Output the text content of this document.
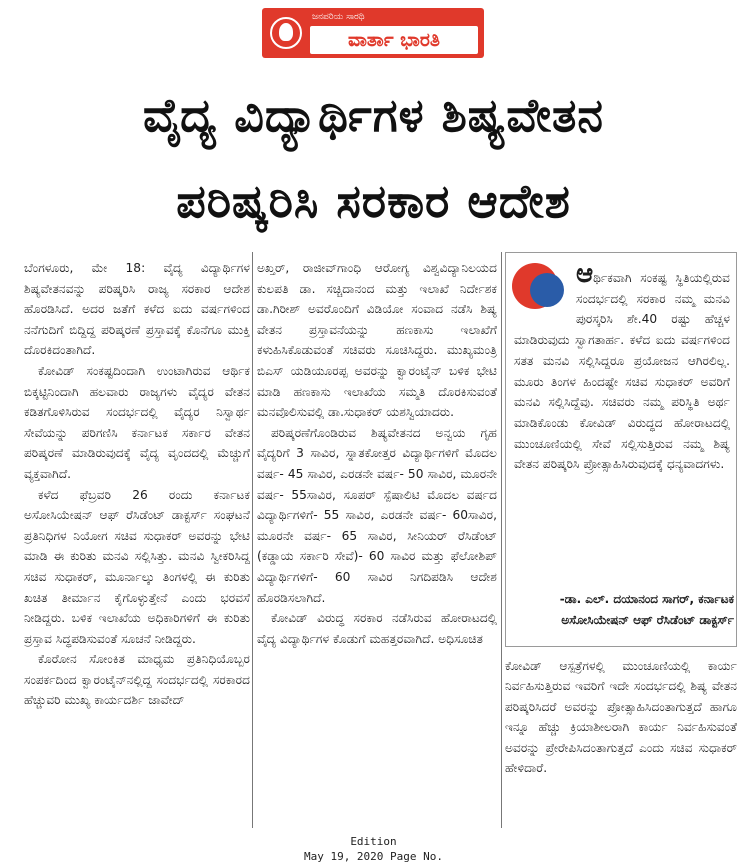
ಜನಪರಿಯ ಸಾರಥಿ
ವಾರ್ತಾ ಭಾರತಿ
ವೈದ್ಯ ವಿದ್ಯಾರ್ಥಿಗಳ ಶಿಷ್ಯವೇತನ
ಪರಿಷ್ಕರಿಸಿ ಸರಕಾರ ಆದೇಶ

ಬೆಂಗಳೂರು, ಮೇ 18: ವೈದ್ಯ ವಿದ್ಯಾರ್ಥಿಗಳ ಶಿಷ್ಯವೇತನವನ್ನು ಪರಿಷ್ಕರಿಸಿ ರಾಜ್ಯ ಸರಕಾರ ಆದೇಶ ಹೊರಡಿಸಿದೆ. ಅದರ ಜತೆಗೆ ಕಳೆದ ಐದು ವರ್ಷಗಳಿಂದ ನನೆಗುದಿಗೆ ಬಿದ್ದಿದ್ದ ಪರಿಷ್ಕರಣೆ ಪ್ರಸ್ತಾವಕ್ಕೆ ಕೊನೆಗೂ ಮುಕ್ತಿ ದೊರಕಿದಂತಾಗಿದೆ.

ಕೋವಿಡ್ ಸಂಕಷ್ಟದಿಂದಾಗಿ ಉಂಟಾಗಿರುವ ಆರ್ಥಿಕ ಬಿಕ್ಕಟ್ಟಿನಿಂದಾಗಿ ಹಲವಾರು ರಾಜ್ಯಗಳು ವೈದ್ಯರ ವೇತನ ಕಡಿತಗೊಳಿಸಿರುವ ಸಂದರ್ಭದಲ್ಲಿ ವೈದ್ಯರ ನಿಸ್ವಾರ್ಥ ಸೇವೆಯನ್ನು ಪರಿಗಣಿಸಿ ಕರ್ನಾಟಕ ಸರ್ಕಾರ ವೇತನ ಪರಿಷ್ಕರಣೆ ಮಾಡಿರುವುದಕ್ಕೆ ವೈದ್ಯ ವೃಂದದಲ್ಲಿ ಮೆಚ್ಚುಗೆ ವ್ಯಕ್ತವಾಗಿದೆ.

ಕಳೆದ ಫೆಬ್ರವರಿ 26 ರಂದು ಕರ್ನಾಟಕ ಅಸೋಸಿಯೇಷನ್ ಆಫ್ ರೆಸಿಡೆಂಟ್ ಡಾಕ್ಟರ್ಸ್ ಸಂಘಟನೆ ಪ್ರತಿನಿಧಿಗಳ ನಿಯೋಗ ಸಚಿವ ಸುಧಾಕರ್ ಅವರನ್ನು ಭೇಟಿ ಮಾಡಿ ಈ ಕುರಿತು ಮನವಿ ಸಲ್ಲಿಸಿತ್ತು. ಮನವಿ ಸ್ವೀಕರಿಸಿದ್ದ ಸಚಿವ ಸುಧಾಕರ್, ಮೂರ್ನಾಲ್ಕು ತಿಂಗಳಲ್ಲಿ ಈ ಕುರಿತು ಖಚಿತ ತೀರ್ಮಾನ ಕೈಗೊಳ್ಳುತ್ತೇನೆ ಎಂದು ಭರವಸೆ ನೀಡಿದ್ದರು. ಬಳಿಕ ಇಲಾಖೆಯ ಅಧಿಕಾರಿಗಳಿಗೆ ಈ ಕುರಿತು ಪ್ರಸ್ತಾವ ಸಿದ್ಧಪಡಿಸುವಂತೆ ಸೂಚನೆ ನೀಡಿದ್ದರು.

ಕೊರೋನ ಸೋಂಕಿತ ಮಾಧ್ಯಮ ಪ್ರತಿನಿಧಿಯೊಬ್ಬರ ಸಂಪರ್ಕದಿಂದ ಕ್ವಾರಂಟೈನ್‌ನಲ್ಲಿದ್ದ ಸಂದರ್ಭದಲ್ಲಿ ಸರಕಾರದ ಹೆಚ್ಚುವರಿ ಮುಖ್ಯ ಕಾರ್ಯದರ್ಶಿ ಜಾವೇದ್

ಅಖ್ತರ್, ರಾಜೀವ್‌ಗಾಂಧಿ ಆರೋಗ್ಯ ವಿಶ್ವವಿದ್ಯಾನಿಲಯದ ಕುಲಪತಿ ಡಾ. ಸಚ್ಚಿದಾನಂದ ಮತ್ತು ಇಲಾಖೆ ನಿರ್ದೇಶಕ ಡಾ.ಗಿರೀಶ್ ಅವರೊಂದಿಗೆ ವಿಡಿಯೋ ಸಂವಾದ ನಡೆಸಿ ಶಿಷ್ಯ ವೇತನ ಪ್ರಸ್ತಾವನೆಯನ್ನು ಹಣಕಾಸು ಇಲಾಖೆಗೆ ಕಳುಹಿಸಿಕೊಡುವಂತೆ ಸಚಿವರು ಸೂಚಿಸಿದ್ದರು. ಮುಖ್ಯಮಂತ್ರಿ ಬಿಎಸ್ ಯಡಿಯೂರಪ್ಪ ಅವರನ್ನು ಕ್ವಾರಂಟೈನ್ ಬಳಿಕ ಭೇಟಿ ಮಾಡಿ ಹಣಕಾಸು ಇಲಾಖೆಯ ಸಮ್ಮತಿ ದೊರಕಿಸುವಂತೆ ಮನವೊಲಿಸುವಲ್ಲಿ ಡಾ.ಸುಧಾಕರ್ ಯಶಸ್ವಿಯಾದರು.

ಪರಿಷ್ಕರಣೆಗೊಂಡಿರುವ ಶಿಷ್ಯವೇತನದ ಅನ್ವಯ ಗೃಹ ವೈದ್ಯರಿಗೆ 3 ಸಾವಿರ, ಸ್ನಾತಕೋತ್ತರ ವಿದ್ಯಾರ್ಥಿಗಳಿಗೆ ಮೊದಲ ವರ್ಷ- 45 ಸಾವಿರ, ಎರಡನೇ ವರ್ಷ- 50 ಸಾವಿರ, ಮೂರನೇ ವರ್ಷ- 55ಸಾವಿರ, ಸೂಪರ್ ಸ್ಪೆಷಾಲಿಟಿ ಮೊದಲ ವರ್ಷದ ವಿದ್ಯಾರ್ಥಿಗಳಿಗೆ- 55 ಸಾವಿರ, ಎರಡನೇ ವರ್ಷ- 60ಸಾವಿರ, ಮೂರನೇ ವರ್ಷ- 65 ಸಾವಿರ, ಸೀನಿಯರ್ ರೆಸಿಡೆಂಟ್ (ಕಡ್ಡಾಯ ಸರ್ಕಾರಿ ಸೇವೆ)- 60 ಸಾವಿರ ಮತ್ತು ಫೆಲೋಶಿಪ್ ವಿದ್ಯಾರ್ಥಿಗಳಿಗೆ- 60 ಸಾವಿರ ನಿಗದಿಪಡಿಸಿ ಆದೇಶ ಹೊರಡಿಸಲಾಗಿದೆ.

ಕೋವಿಡ್ ವಿರುದ್ಧ ಸರಕಾರ ನಡೆಸಿರುವ ಹೋರಾಟದಲ್ಲಿ ವೈದ್ಯ ವಿದ್ಯಾರ್ಥಿಗಳ ಕೊಡುಗೆ ಮಹತ್ತರವಾಗಿದೆ. ಅಧಿಸೂಚಿತ

ಆರ್ಥಿಕವಾಗಿ ಸಂಕಷ್ಟ ಸ್ಥಿತಿಯಲ್ಲಿರುವ ಸಂದರ್ಭದಲ್ಲಿ ಸರಕಾರ ನಮ್ಮ ಮನವಿ ಪುರಸ್ಕರಿಸಿ ಶೇ.40 ರಷ್ಟು ಹೆಚ್ಚಳ ಮಾಡಿರುವುದು ಸ್ವಾಗತಾರ್ಹ. ಕಳೆದ ಐದು ವರ್ಷಗಳಿಂದ ಸತತ ಮನವಿ ಸಲ್ಲಿಸಿದ್ದರೂ ಪ್ರಯೋಜನ ಆಗಿರಲಿಲ್ಲ. ಮೂರು ತಿಂಗಳ ಹಿಂದಷ್ಟೇ ಸಚಿವ ಸುಧಾಕರ್ ಅವರಿಗೆ ಮನವಿ ಸಲ್ಲಿಸಿದ್ದೆವು. ಸಚಿವರು ನಮ್ಮ ಪರಿಸ್ಥಿತಿ ಅರ್ಥ ಮಾಡಿಕೊಂಡು ಕೋವಿಡ್ ವಿರುದ್ಧದ ಹೋರಾಟದಲ್ಲಿ ಮುಂಚೂಣಿಯಲ್ಲಿ ಸೇವೆ ಸಲ್ಲಿಸುತ್ತಿರುವ ನಮ್ಮ ಶಿಷ್ಯ ವೇತನ ಪರಿಷ್ಕರಿಸಿ ಪ್ರೋತ್ಸಾಹಿಸಿರುವುದಕ್ಕೆ ಧನ್ಯವಾದಗಳು.
-ಡಾ. ಎಲ್. ದಯಾನಂದ ಸಾಗರ್, ಕರ್ನಾಟಕ ಅಸೋಸಿಯೇಷನ್ ಆಫ್ ರೆಸಿಡೆಂಟ್ ಡಾಕ್ಟರ್ಸ್
ಕೋವಿಡ್ ಆಸ್ಪತ್ರೆಗಳಲ್ಲಿ ಮುಂಚೂಣಿಯಲ್ಲಿ ಕಾರ್ಯ ನಿರ್ವಹಿಸುತ್ತಿರುವ ಇವರಿಗೆ ಇದೇ ಸಂದರ್ಭದಲ್ಲಿ ಶಿಷ್ಯ ವೇತನ ಪರಿಷ್ಕರಿಸಿದರೆ ಅವರನ್ನು ಪ್ರೋತ್ಸಾಹಿಸಿದಂತಾಗುತ್ತದೆ ಹಾಗೂ ಇನ್ನೂ ಹೆಚ್ಚು ಕ್ರಿಯಾಶೀಲರಾಗಿ ಕಾರ್ಯ ನಿರ್ವಹಿಸುವಂತೆ ಅವರನ್ನು ಪ್ರೇರೇಪಿಸಿದಂತಾಗುತ್ತದೆ ಎಂದು ಸಚಿವ ಸುಧಾಕರ್ ಹೇಳಿದಾರೆ.
Edition
May 19, 2020 Page No.
